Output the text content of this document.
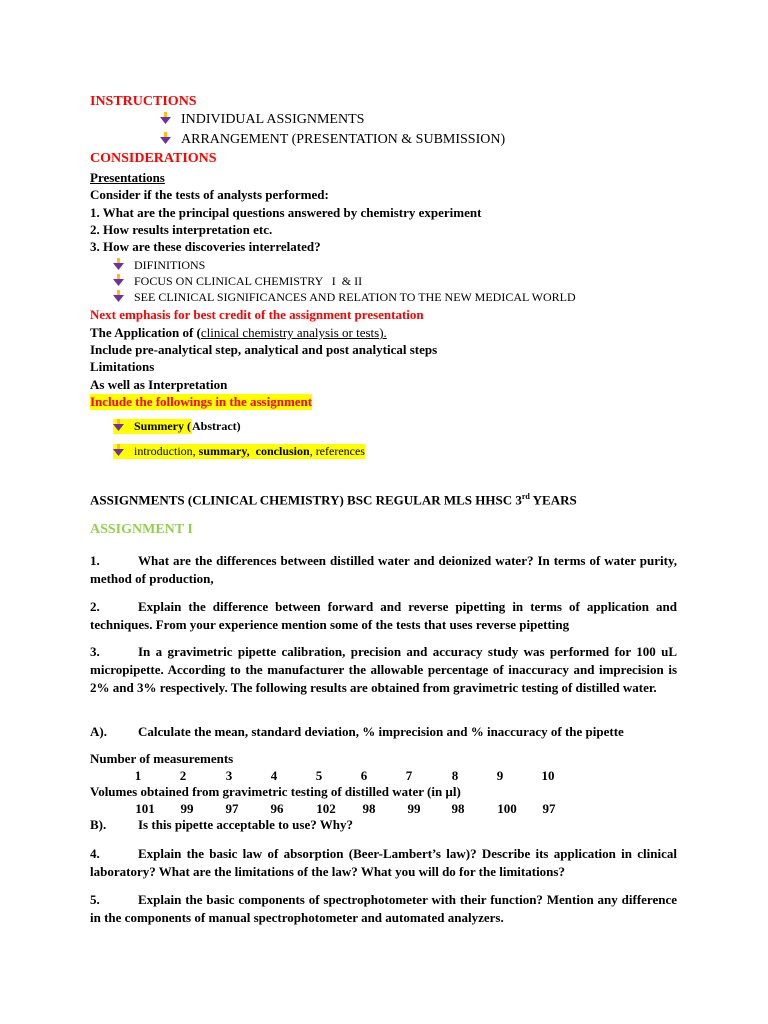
INSTRUCTIONS
INDIVIDUAL ASSIGNMENTS
ARRANGEMENT (PRESENTATION & SUBMISSION)
CONSIDERATIONS
Presentations
Consider if the tests of analysts performed:
1. What are the principal questions answered by chemistry experiment
2. How results interpretation etc.
3. How are these discoveries interrelated?
DIFINITIONS
FOCUS ON CLINICAL CHEMISTRY   I  & II
SEE CLINICAL SIGNIFICANCES AND RELATION TO THE NEW MEDICAL WORLD
Next emphasis for best credit of the assignment presentation
The Application of (clinical chemistry analysis or tests).
Include pre-analytical step, analytical and post analytical steps
Limitations
As well as Interpretation
Include the followings in the assignment
Summery (Abstract)
introduction, summary,  conclusion, references
ASSIGNMENTS (CLINICAL CHEMISTRY) BSC REGULAR MLS HHSC 3rd YEARS
ASSIGNMENT I
1.	What are the differences between distilled water and deionized water? In terms of water purity, method of production,
2.	Explain the difference between forward and reverse pipetting in terms of application and techniques. From your experience mention some of the tests that uses reverse pipetting
3.	In a gravimetric pipette calibration, precision and accuracy study was performed for 100 uL micropipette. According to the manufacturer the allowable percentage of inaccuracy and imprecision is 2% and 3% respectively. The following results are obtained from gravimetric testing of distilled water.
A). Calculate the mean, standard deviation, % imprecision and % inaccuracy of the pipette
Number of measurements
1	2	3	4	5	6	7	8	9	10
Volumes obtained from gravimetric testing of distilled water (in µl)
101	99	97	96	102	98	99	98	100	97
B). Is this pipette acceptable to use? Why?
4.	Explain the basic law of absorption (Beer-Lambert’s law)? Describe its application in clinical laboratory? What are the limitations of the law? What you will do for the limitations?
5.	Explain the basic components of spectrophotometer with their function? Mention any difference in the components of manual spectrophotometer and automated analyzers.
